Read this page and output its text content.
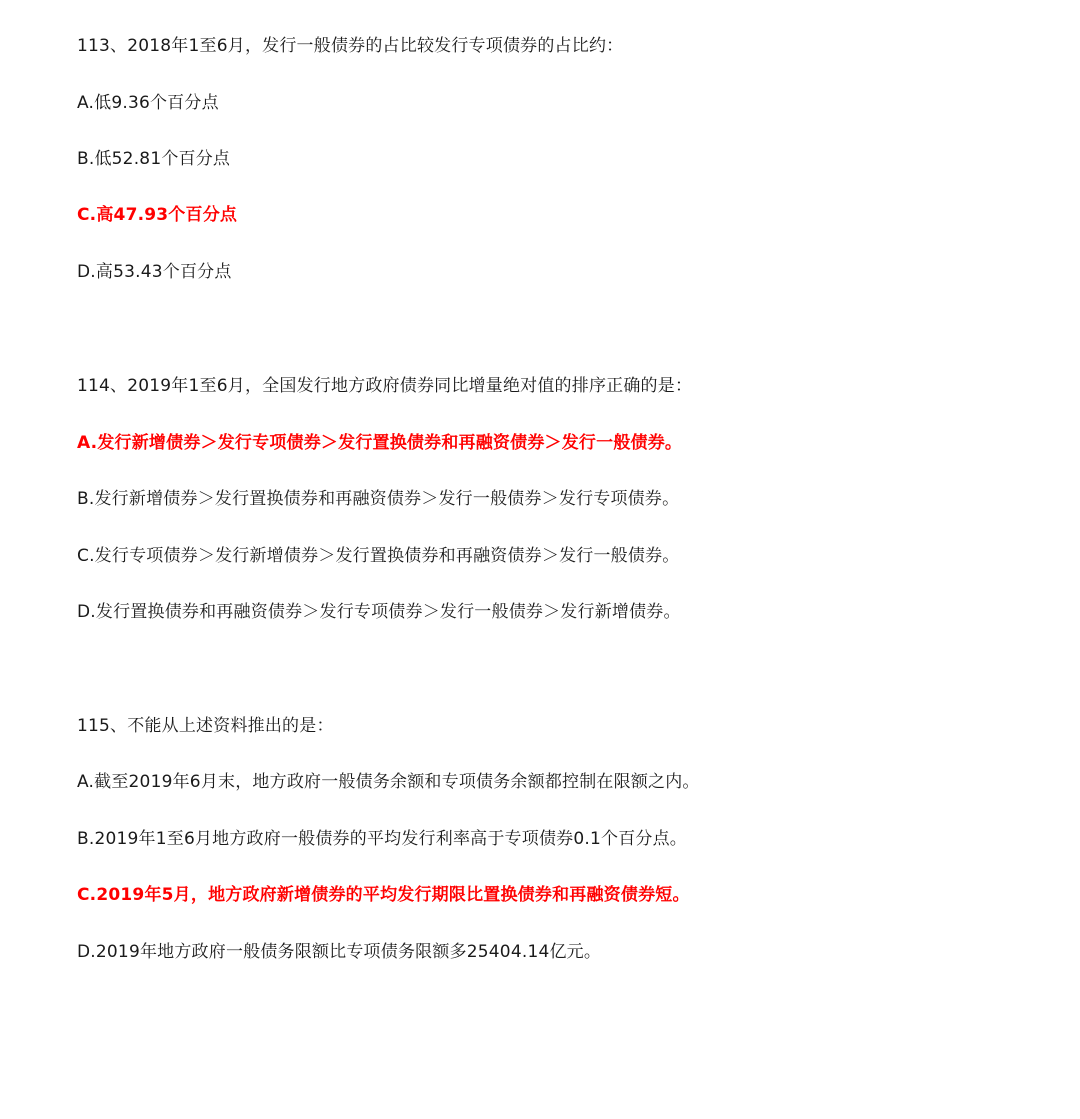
113、2018年1至6月，发行一般债券的占比较发行专项债券的占比约：
A.低9.36个百分点
B.低52.81个百分点
C.高47.93个百分点
D.高53.43个百分点
114、2019年1至6月，全国发行地方政府债券同比增量绝对值的排序正确的是：
A.发行新增债券＞发行专项债券＞发行置换债券和再融资债券＞发行一般债券。
B.发行新增债券＞发行置换债券和再融资债券＞发行一般债券＞发行专项债券。
C.发行专项债券＞发行新增债券＞发行置换债券和再融资债券＞发行一般债券。
D.发行置换债券和再融资债券＞发行专项债券＞发行一般债券＞发行新增债券。
115、不能从上述资料推出的是：
A.截至2019年6月末，地方政府一般债务余额和专项债务余额都控制在限额之内。
B.2019年1至6月地方政府一般债券的平均发行利率高于专项债券0.1个百分点。
C.2019年5月，地方政府新增债券的平均发行期限比置换债券和再融资债券短。
D.2019年地方政府一般债务限额比专项债务限额多25404.14亿元。
